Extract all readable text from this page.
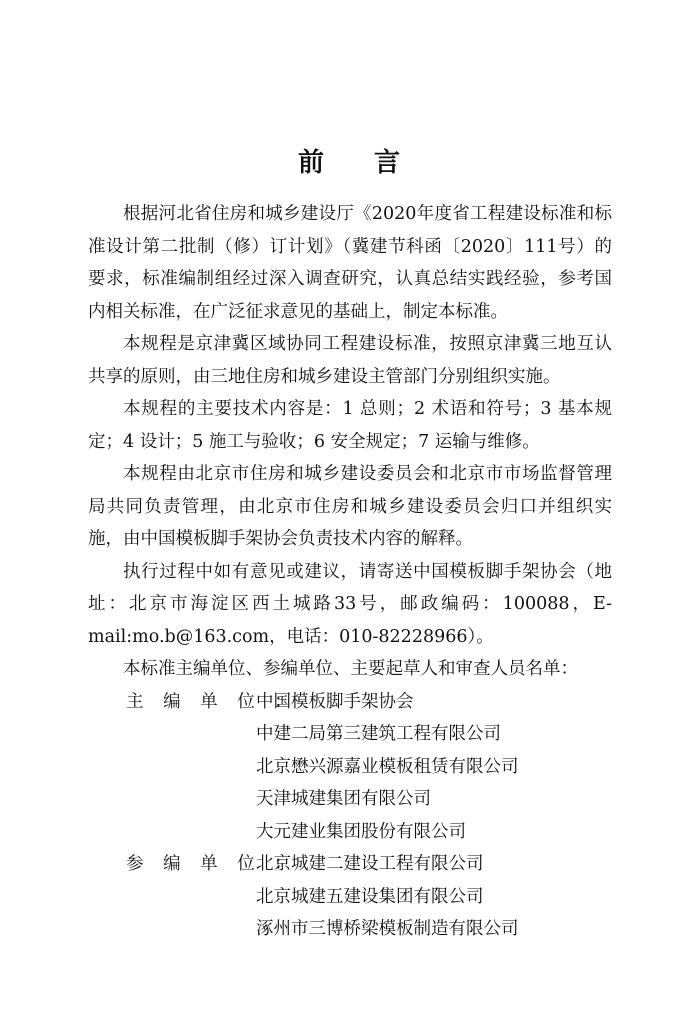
前 言

根据河北省住房和城乡建设厅《2020年度省工程建设标准和标准设计第二批制（修）订计划》（冀建节科函〔2020〕111号）的要求，标准编制组经过深入调查研究，认真总结实践经验，参考国内相关标准，在广泛征求意见的基础上，制定本标准。

本规程是京津冀区域协同工程建设标准，按照京津冀三地互认共享的原则，由三地住房和城乡建设主管部门分别组织实施。

本规程的主要技术内容是：1 总则；2 术语和符号；3 基本规定；4 设计；5 施工与验收；6 安全规定；7 运输与维修。

本规程由北京市住房和城乡建设委员会和北京市市场监督管理局共同负责管理，由北京市住房和城乡建设委员会归口并组织实施，由中国模板脚手架协会负责技术内容的解释。

执行过程中如有意见或建议，请寄送中国模板脚手架协会（地址：北京市海淀区西土城路33号，邮政编码：100088，E-mail:mo.b@163.com，电话：010-82228966）。

本标准主编单位、参编单位、主要起草人和审查人员名单：

主 编 单 位 ：
中国模板脚手架协会
中建二局第三建筑工程有限公司
北京懋兴源嘉业模板租赁有限公司
天津城建集团有限公司
大元建业集团股份有限公司
参 编 单 位 ：
北京城建二建设工程有限公司
北京城建五建设集团有限公司
涿州市三博桥梁模板制造有限公司
